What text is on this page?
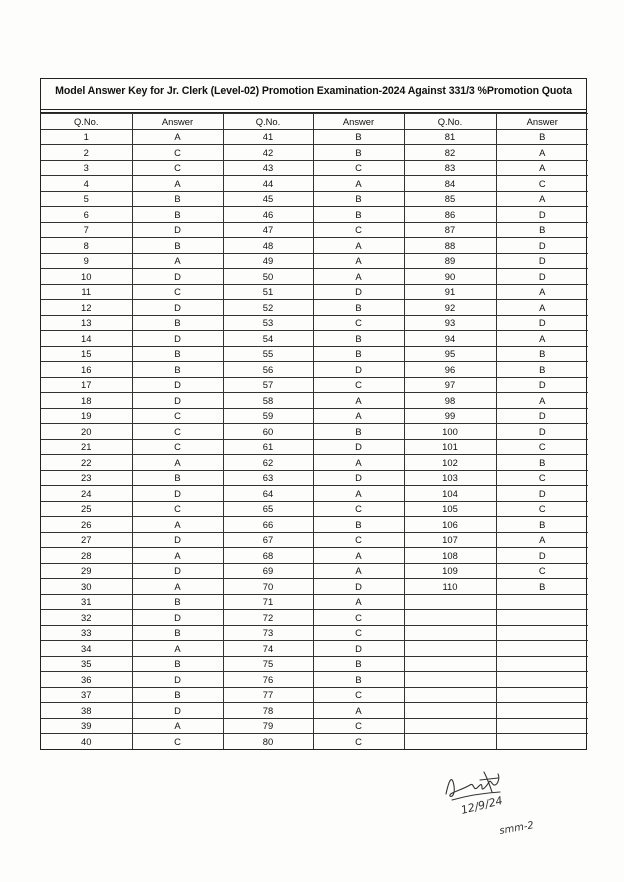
Model Answer Key for Jr. Clerk (Level-02) Promotion Examination-2024 Against 331/3 %Promotion Quota
Q.No.	Answer	Q.No.	Answer	Q.No.	Answer
1	A	41	B	81	B
2	C	42	B	82	A
3	C	43	C	83	A
4	A	44	A	84	C
5	B	45	B	85	A
6	B	46	B	86	D
7	D	47	C	87	B
8	B	48	A	88	D
9	A	49	A	89	D
10	D	50	A	90	D
11	C	51	D	91	A
12	D	52	B	92	A
13	B	53	C	93	D
14	D	54	B	94	A
15	B	55	B	95	B
16	B	56	D	96	B
17	D	57	C	97	D
18	D	58	A	98	A
19	C	59	A	99	D
20	C	60	B	100	D
21	C	61	D	101	C
22	A	62	A	102	B
23	B	63	D	103	C
24	D	64	A	104	D
25	C	65	C	105	C
26	A	66	B	106	B
27	D	67	C	107	A
28	A	68	A	108	D
29	D	69	A	109	C
30	A	70	D	110	B
31	B	71	A		
32	D	72	C		
33	B	73	C		
34	A	74	D		
35	B	75	B		
36	D	76	B		
37	B	77	C		
38	D	78	A		
39	A	79	C		
40	C	80	C		
12/9/24
smm-2
